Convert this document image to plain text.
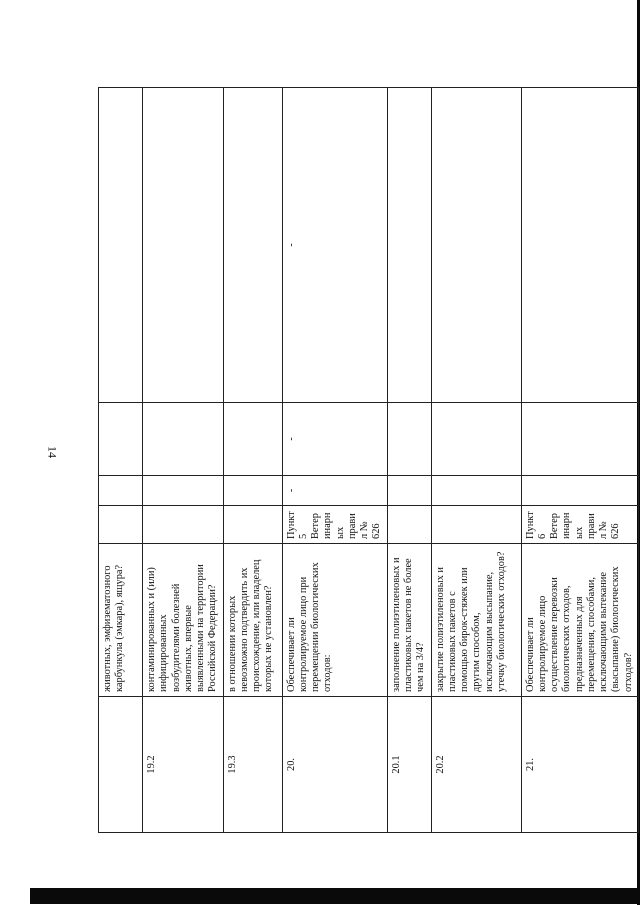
14
	животных, эмфизематозного карбункула (эмкара), ящура?				
19.2	контаминированных и (или) инфицированных возбудителями болезней животных, впервые выявленными на территории Российской Федерации?				
19.3	в отношении которых невозможно подтвердить их происхождение, или владелец которых не установлен?				
20.	Обеспечивает ли контролируемое лицо при перемещении биологических отходов:	Пункт 5 Ветеринарных правил № 626	-	-	-
20.1	заполнение полиэтиленовых и пластиковых пакетов не более чем на 3/4?				
20.2	закрытие полиэтиленовых и пластиковых пакетов с помощью бирок-стяжек или другим способом, исключающим высыпание, утечку биологических отходов?				
21.	Обеспечивает ли контролируемое лицо осуществление перевозки биологических отходов, предназначенных для перемещения, способами, исключающими вытекание (высыпание) биологических отходов?	Пункт 6 Ветеринарных правил № 626			
